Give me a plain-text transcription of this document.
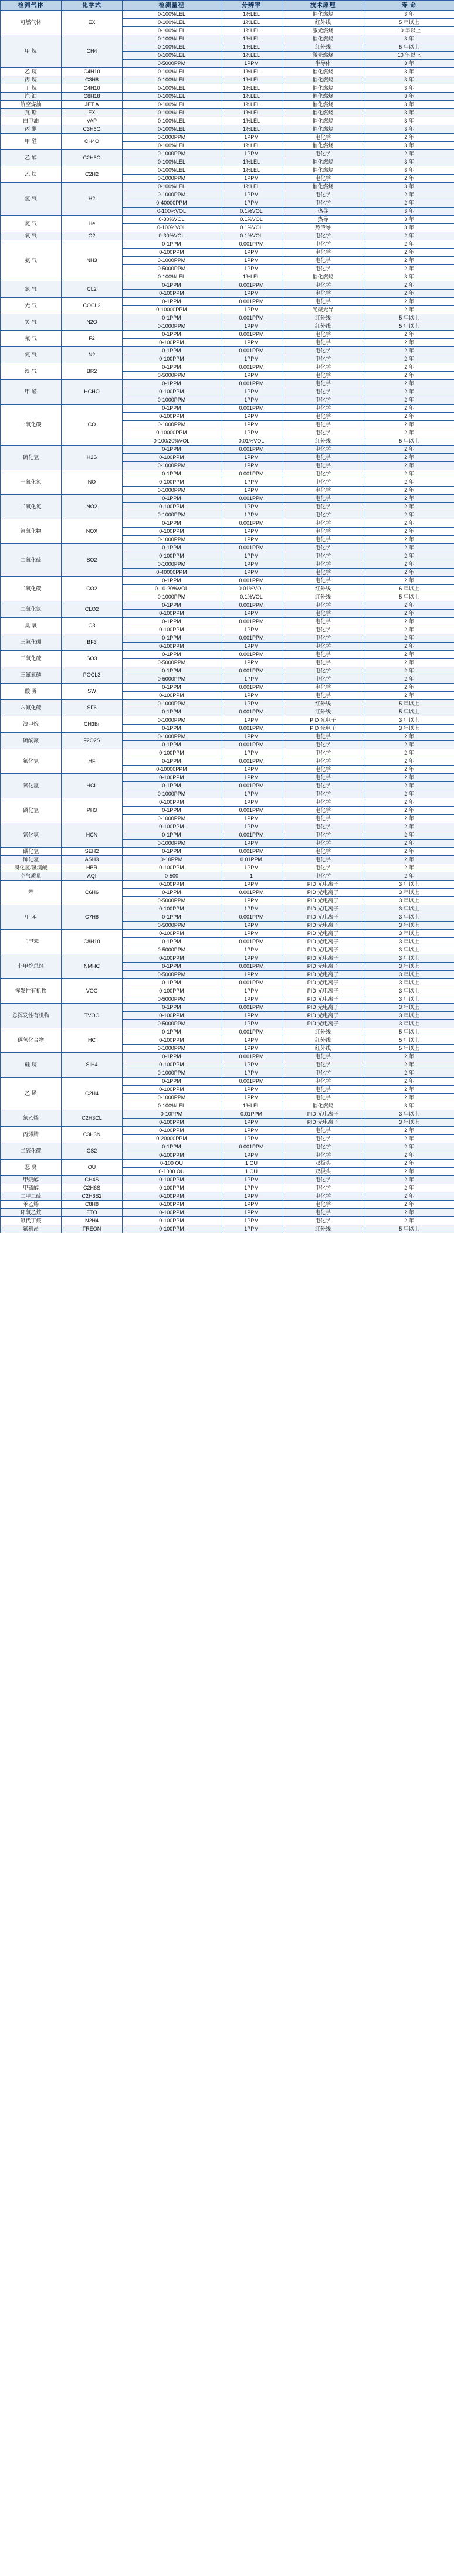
检测气体	化学式	检测量程	分辨率	技术原理	寿 命
可燃气体	EX	0-100%LEL	1%LEL	催化燃烧	3 年
		0-100%LEL	1%LEL	红外线	5 年以上
		0-100%LEL	1%LEL	激光燃烧	10 年以上
甲 烷	CH4	0-100%LEL	1%LEL	催化燃烧	3 年
		0-100%LEL	1%LEL	红外线	5 年以上
		0-100%LEL	1%LEL	激光燃烧	10 年以上
		0-5000PPM	1PPM	半导体	3 年
乙 烷	C4H10	0-100%LEL	1%LEL	催化燃烧	3 年
丙 烷	C3H8	0-100%LEL	1%LEL	催化燃烧	3 年
丁 烷	C4H10	0-100%LEL	1%LEL	催化燃烧	3 年
汽 油	C8H18	0-100%LEL	1%LEL	催化燃烧	3 年
航空煤油	JET A	0-100%LEL	1%LEL	催化燃烧	3 年
瓦 斯	EX	0-100%LEL	1%LEL	催化燃烧	3 年
白电油	VAP	0-100%LEL	1%LEL	催化燃烧	3 年
丙 酮	C3H6O	0-100%LEL	1%LEL	催化燃烧	3 年
甲 醛	CH4O	0-1000PPM	1PPM	电化学	2 年
		0-100%LEL	1%LEL	催化燃烧	3 年
乙 醇	C2H6O	0-1000PPM	1PPM	电化学	2 年
		0-100%LEL	1%LEL	催化燃烧	3 年
乙 炔	C2H2	0-100%LEL	1%LEL	催化燃烧	3 年
		0-1000PPM	1PPM	电化学	2 年
氢 气	H2	0-100%LEL	1%LEL	催化燃烧	3 年
		0-1000PPM	1PPM	电化学	2 年
		0-40000PPM	1PPM	电化学	2 年
		0-100%VOL	0.1%VOL	热导	3 年
氦 气	He	0-30%VOL	0.1%VOL	热导	3 年
		0-100%VOL	0.1%VOL	热传导	3 年
氧 气	O2	0-30%VOL	0.1%VOL	电化学	2 年
氨 气	NH3	0-1PPM	0.001PPM	电化学	2 年
		0-100PPM	1PPM	电化学	2 年
		0-1000PPM	1PPM	电化学	2 年
		0-5000PPM	1PPM	电化学	2 年
		0-100%LEL	1%LEL	催化燃烧	3 年
氯 气	CL2	0-1PPM	0.001PPM	电化学	2 年
		0-100PPM	1PPM	电化学	2 年
光 气	COCL2	0-1PPM	0.001PPM	电化学	2 年
		0-10000PPM	1PPM	光聚光导	2 年
笑 气	N2O	0-1PPM	0.001PPM	红外线	5 年以上
		0-1000PPM	1PPM	红外线	5 年以上
氟 气	F2	0-1PPM	0.001PPM	电化学	2 年
		0-100PPM	1PPM	电化学	2 年
氮 气	N2	0-1PPM	0.001PPM	电化学	2 年
		0-100PPM	1PPM	电化学	2 年
溴 气	BR2	0-1PPM	0.001PPM	电化学	2 年
		0-5000PPM	1PPM	电化学	2 年
甲 醛	HCHO	0-1PPM	0.001PPM	电化学	2 年
		0-100PPM	1PPM	电化学	2 年
		0-1000PPM	1PPM	电化学	2 年
一氧化碳	CO	0-1PPM	0.001PPM	电化学	2 年
		0-100PPM	1PPM	电化学	2 年
		0-1000PPM	1PPM	电化学	2 年
		0-10000PPM	1PPM	电化学	2 年
		0-100/20%VOL	0.01%VOL	红外线	5 年以上
硫化氢	H2S	0-1PPM	0.001PPM	电化学	2 年
		0-100PPM	1PPM	电化学	2 年
		0-1000PPM	1PPM	电化学	2 年
一氧化氮	NO	0-1PPM	0.001PPM	电化学	2 年
		0-100PPM	1PPM	电化学	2 年
		0-1000PPM	1PPM	电化学	2 年
二氧化氮	NO2	0-1PPM	0.001PPM	电化学	2 年
		0-100PPM	1PPM	电化学	2 年
		0-1000PPM	1PPM	电化学	2 年
氮氧化物	NOX	0-1PPM	0.001PPM	电化学	2 年
		0-100PPM	1PPM	电化学	2 年
		0-1000PPM	1PPM	电化学	2 年
二氧化硫	SO2	0-1PPM	0.001PPM	电化学	2 年
		0-100PPM	1PPM	电化学	2 年
		0-1000PPM	1PPM	电化学	2 年
		0-40000PPM	1PPM	电化学	2 年
二氧化碳	CO2	0-1PPM	0.001PPM	电化学	2 年
		0-10-20%VOL	0.01%VOL	红外线	6 年以上
		0-1000PPM	0.1%VOL	红外线	5 年以上
二氧化氯	CLO2	0-1PPM	0.001PPM	电化学	2 年
		0-100PPM	1PPM	电化学	2 年
臭 氧	O3	0-1PPM	0.001PPM	电化学	2 年
		0-100PPM	1PPM	电化学	2 年
三氟化硼	BF3	0-1PPM	0.001PPM	电化学	2 年
		0-100PPM	1PPM	电化学	2 年
三氧化硫	SO3	0-1PPM	0.001PPM	电化学	2 年
		0-5000PPM	1PPM	电化学	2 年
三氯氧磷	POCL3	0-1PPM	0.001PPM	电化学	2 年
		0-5000PPM	1PPM	电化学	2 年
酸 雾	SW	0-1PPM	0.001PPM	电化学	2 年
		0-100PPM	1PPM	电化学	2 年
六氟化硫	SF6	0-1000PPM	1PPM	红外线	5 年以上
		0-1PPM	0.001PPM	红外线	5 年以上
溴甲烷	CH3Br	0-1000PPM	1PPM	PID 光电子	3 年以上
		0-1PPM	0.001PPM	PID 光电子	3 年以上
硫酰氟	F2O2S	0-1000PPM	1PPM	电化学	2 年
		0-1PPM	0.001PPM	电化学	2 年
氟化氢	HF	0-100PPM	1PPM	电化学	2 年
		0-1PPM	0.001PPM	电化学	2 年
		0-10000PPM	1PPM	电化学	2 年
氯化氢	HCL	0-100PPM	1PPM	电化学	2 年
		0-1PPM	0.001PPM	电化学	2 年
		0-1000PPM	1PPM	电化学	2 年
磷化氢	PH3	0-100PPM	1PPM	电化学	2 年
		0-1PPM	0.001PPM	电化学	2 年
		0-1000PPM	1PPM	电化学	2 年
氰化氢	HCN	0-100PPM	1PPM	电化学	2 年
		0-1PPM	0.001PPM	电化学	2 年
		0-1000PPM	1PPM	电化学	2 年
硒化氢	SEH2	0-1PPM	0.001PPM	电化学	2 年
砷化氢	ASH3	0-10PPM	0.01PPM	电化学	2 年
溴化氢/氢溴酸	HBR	0-100PPM	1PPM	电化学	2 年
空气质量	AQI	0-500	1	电化学	2 年
苯	C6H6	0-100PPM	1PPM	PID 光电离子	3 年以上
		0-1PPM	0.001PPM	PID 光电离子	3 年以上
		0-5000PPM	1PPM	PID 光电离子	3 年以上
甲 苯	C7H8	0-100PPM	1PPM	PID 光电离子	3 年以上
		0-1PPM	0.001PPM	PID 光电离子	3 年以上
		0-5000PPM	1PPM	PID 光电离子	3 年以上
二甲苯	C8H10	0-100PPM	1PPM	PID 光电离子	3 年以上
		0-1PPM	0.001PPM	PID 光电离子	3 年以上
		0-5000PPM	1PPM	PID 光电离子	3 年以上
非甲烷总烃	NMHC	0-100PPM	1PPM	PID 光电离子	3 年以上
		0-1PPM	0.001PPM	PID 光电离子	3 年以上
		0-5000PPM	1PPM	PID 光电离子	3 年以上
挥发性有机物	VOC	0-1PPM	0.001PPM	PID 光电离子	3 年以上
		0-100PPM	1PPM	PID 光电离子	3 年以上
		0-5000PPM	1PPM	PID 光电离子	3 年以上
总挥发性有机物	TVOC	0-1PPM	0.001PPM	PID 光电离子	3 年以上
		0-100PPM	1PPM	PID 光电离子	3 年以上
		0-5000PPM	1PPM	PID 光电离子	3 年以上
碳氢化合物	HC	0-1PPM	0.001PPM	红外线	5 年以上
		0-100PPM	1PPM	红外线	5 年以上
		0-1000PPM	1PPM	红外线	5 年以上
硅 烷	SIH4	0-1PPM	0.001PPM	电化学	2 年
		0-100PPM	1PPM	电化学	2 年
		0-1000PPM	1PPM	电化学	2 年
乙 烯	C2H4	0-1PPM	0.001PPM	电化学	2 年
		0-100PPM	1PPM	电化学	2 年
		0-1000PPM	1PPM	电化学	2 年
		0-100%LEL	1%LEL	催化燃烧	3 年
氯乙烯	C2H3CL	0-10PPM	0.01PPM	PID 光电离子	3 年以上
		0-100PPM	1PPM	PID 光电离子	3 年以上
丙烯腈	C3H3N	0-100PPM	1PPM	电化学	2 年
		0-20000PPM	1PPM	电化学	2 年
二硫化碳	CS2	0-1PPM	0.001PPM	电化学	2 年
		0-100PPM	1PPM	电化学	2 年
恶 臭	OU	0-100 OU	1 OU	双极头	2 年
		0-1000 OU	1 OU	双极头	2 年
甲烷醇	CH4S	0-100PPM	1PPM	电化学	2 年
甲硫醇	C2H6S	0-100PPM	1PPM	电化学	2 年
二甲二硫	C2H6S2	0-100PPM	1PPM	电化学	2 年
苯乙烯	C8H8	0-100PPM	1PPM	电化学	2 年
环氧乙烷	ETO	0-100PPM	1PPM	电化学	2 年
氯代丁烷	N2H4	0-100PPM	1PPM	电化学	2 年
氟利昂	FREON	0-100PPM	1PPM	红外线	5 年以上
